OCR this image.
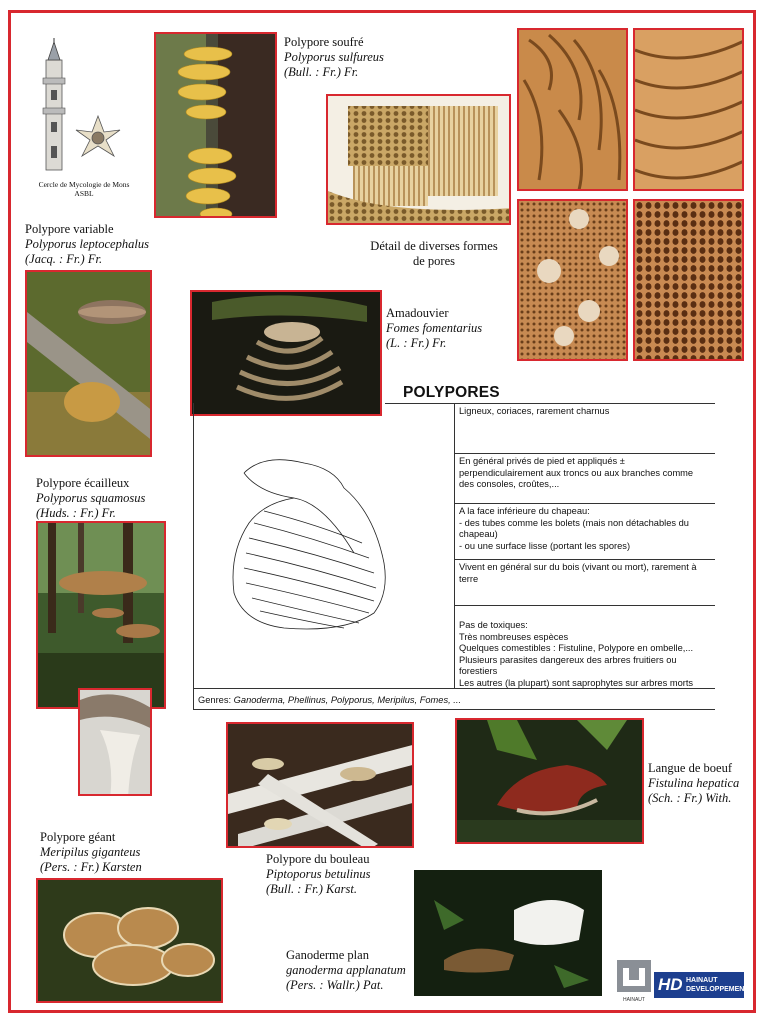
Cercle de Mycologie de Mons
ASBL
Polypore soufré
Polyporus sulfureus
(Bull. : Fr.) Fr.
Détail de diverses formes
de pores
Polypore variable
Polyporus leptocephalus
(Jacq. : Fr.) Fr.
Amadouvier
Fomes fomentarius
(L. : Fr.) Fr.
POLYPORES
Ligneux, coriaces, rarement charnus
En général privés de pied et appliqués ±
perpendiculairement aux troncs ou aux branches comme
des consoles, croûtes,...
A la face inférieure du chapeau:
- des tubes comme les bolets (mais non détachables du
chapeau)
- ou une surface lisse (portant les spores)
Vivent en général sur du bois (vivant ou mort), rarement à
terre
Pas de toxiques:
Très nombreuses espèces
Quelques comestibles : Fistuline, Polypore en ombelle,...
Plusieurs parasites dangereux des arbres fruitiers ou
forestiers
Les autres (la plupart) sont saprophytes sur arbres morts
Genres: Ganoderma, Phellinus, Polyporus, Meripilus, Fomes, ...
Polypore écailleux
Polyporus squamosus
(Huds. : Fr.) Fr.
Polypore du bouleau
Piptoporus betulinus
(Bull. : Fr.) Karst.
Langue de boeuf
Fistulina hepatica
(Sch. : Fr.) With.
Polypore géant
Meripilus giganteus
(Pers. : Fr.) Karsten
Ganoderme plan
ganoderma applanatum
(Pers. : Wallr.) Pat.
HAINAUT
HD HAINAUT
DEVELOPPEMENT
